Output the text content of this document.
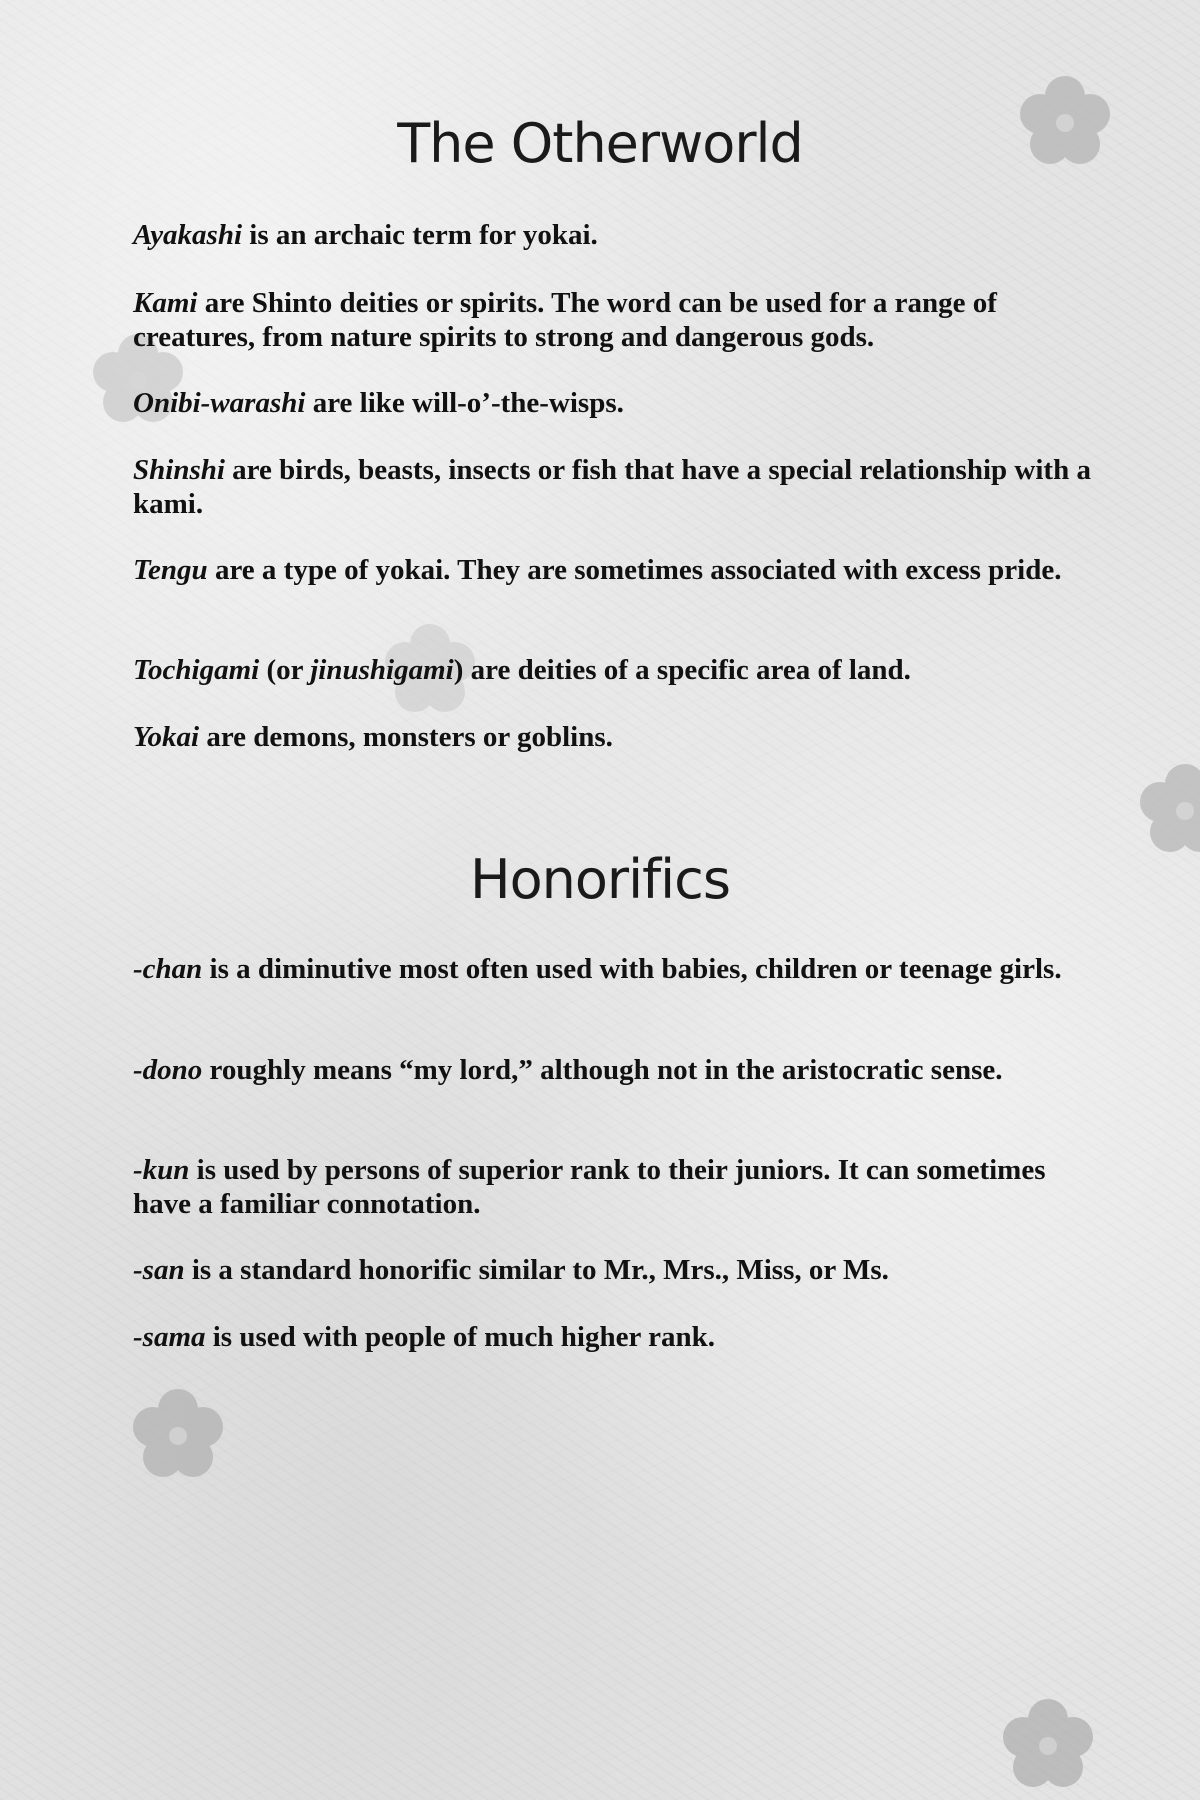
The Otherworld

Ayakashi is an archaic term for yokai.

Kami are Shinto deities or spirits. The word can be used for a range of creatures, from nature spirits to strong and dangerous gods.

Onibi-warashi are like will-o’-the-wisps.

Shinshi are birds, beasts, insects or fish that have a special relationship with a kami.

Tengu are a type of yokai. They are sometimes associated with excess pride.

Tochigami (or jinushigami) are deities of a specific area of land.

Yokai are demons, monsters or goblins.

Honorifics

-chan is a diminutive most often used with babies, children or teenage girls.

-dono roughly means “my lord,” although not in the aristocratic sense.

-kun is used by persons of superior rank to their juniors. It can sometimes have a familiar connotation.

-san is a standard honorific similar to Mr., Mrs., Miss, or Ms.

-sama is used with people of much higher rank.
